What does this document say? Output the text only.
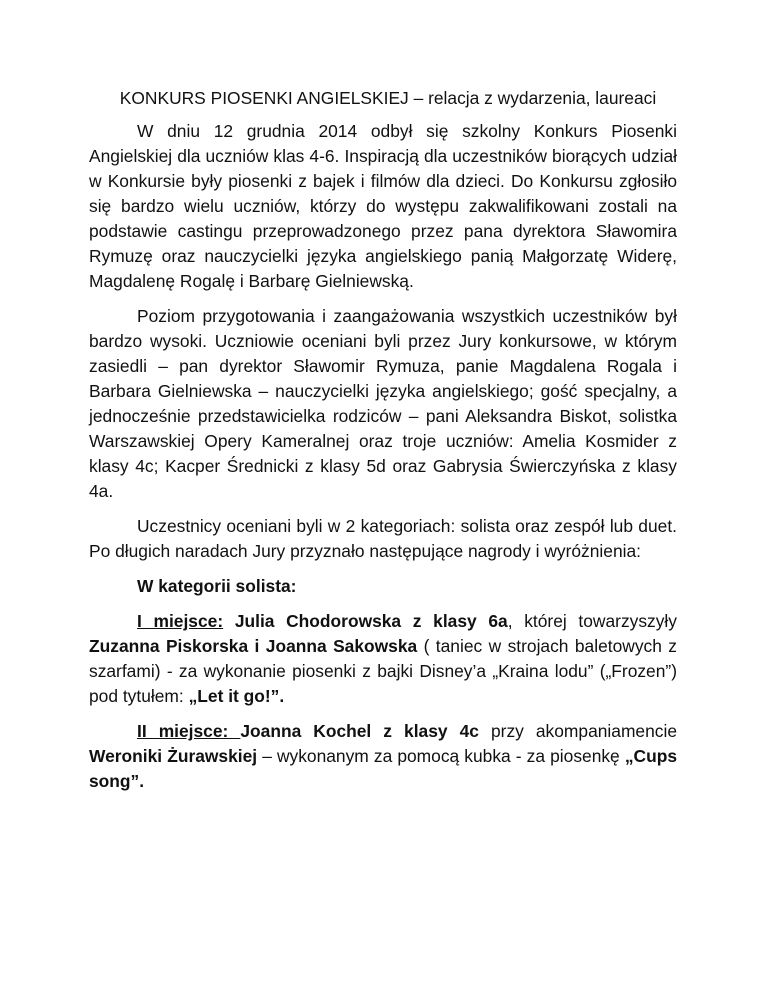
KONKURS PIOSENKI ANGIELSKIEJ – relacja z wydarzenia, laureaci

W dniu 12 grudnia 2014 odbył się szkolny Konkurs Piosenki Angielskiej dla uczniów klas 4-6. Inspiracją dla uczestników biorących udział w Konkursie były piosenki z bajek i filmów dla dzieci. Do Konkursu zgłosiło się bardzo wielu uczniów, którzy do występu zakwalifikowani zostali na podstawie castingu przeprowadzonego przez pana dyrektora Sławomira Rymuzę oraz nauczycielki języka angielskiego panią Małgorzatę Widerę, Magdalenę Rogalę i Barbarę Gielniewską.

Poziom przygotowania i zaangażowania wszystkich uczestników był bardzo wysoki. Uczniowie oceniani byli przez Jury konkursowe, w którym zasiedli – pan dyrektor Sławomir Rymuza, panie Magdalena Rogala i Barbara Gielniewska – nauczycielki języka angielskiego; gość specjalny, a jednocześnie przedstawicielka rodziców – pani Aleksandra Biskot, solistka Warszawskiej Opery Kameralnej oraz troje uczniów: Amelia Kosmider z klasy 4c; Kacper Średnicki z klasy 5d oraz Gabrysia Świerczyńska z klasy 4a.

Uczestnicy oceniani byli w 2 kategoriach: solista oraz zespół lub duet. Po długich naradach Jury przyznało następujące nagrody i wyróżnienia:

W kategorii solista:

I miejsce: Julia Chodorowska z klasy 6a, której towarzyszyły Zuzanna Piskorska i Joanna Sakowska ( taniec w strojach baletowych z szarfami) - za wykonanie piosenki z bajki Disney’a „Kraina lodu” („Frozen”) pod tytułem: „Let it go!”.

II miejsce: Joanna Kochel z klasy 4c przy akompaniamencie Weroniki Żurawskiej – wykonanym za pomocą kubka - za piosenkę „Cups song”.
